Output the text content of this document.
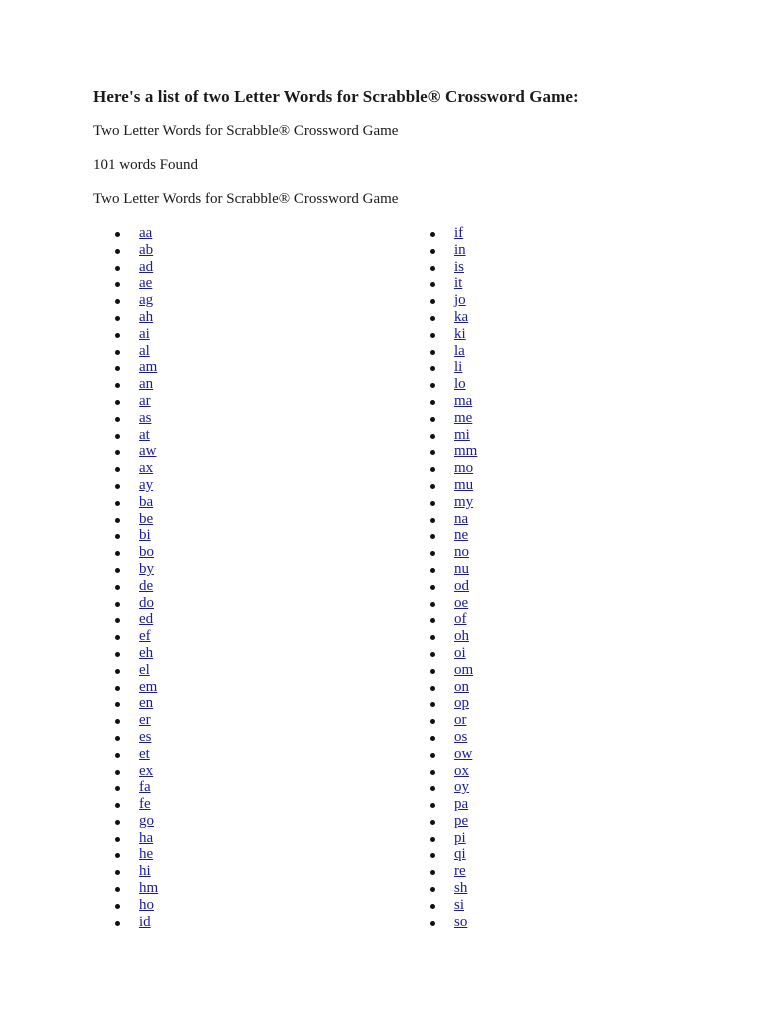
Here's a list of two Letter Words for Scrabble® Crossword Game:

Two Letter Words for Scrabble® Crossword Game

101 words Found

Two Letter Words for Scrabble® Crossword Game

aa
ab
ad
ae
ag
ah
ai
al
am
an
ar
as
at
aw
ax
ay
ba
be
bi
bo
by
de
do
ed
ef
eh
el
em
en
er
es
et
ex
fa
fe
go
ha
he
hi
hm
ho
id
if
in
is
it
jo
ka
ki
la
li
lo
ma
me
mi
mm
mo
mu
my
na
ne
no
nu
od
oe
of
oh
oi
om
on
op
or
os
ow
ox
oy
pa
pe
pi
qi
re
sh
si
so
